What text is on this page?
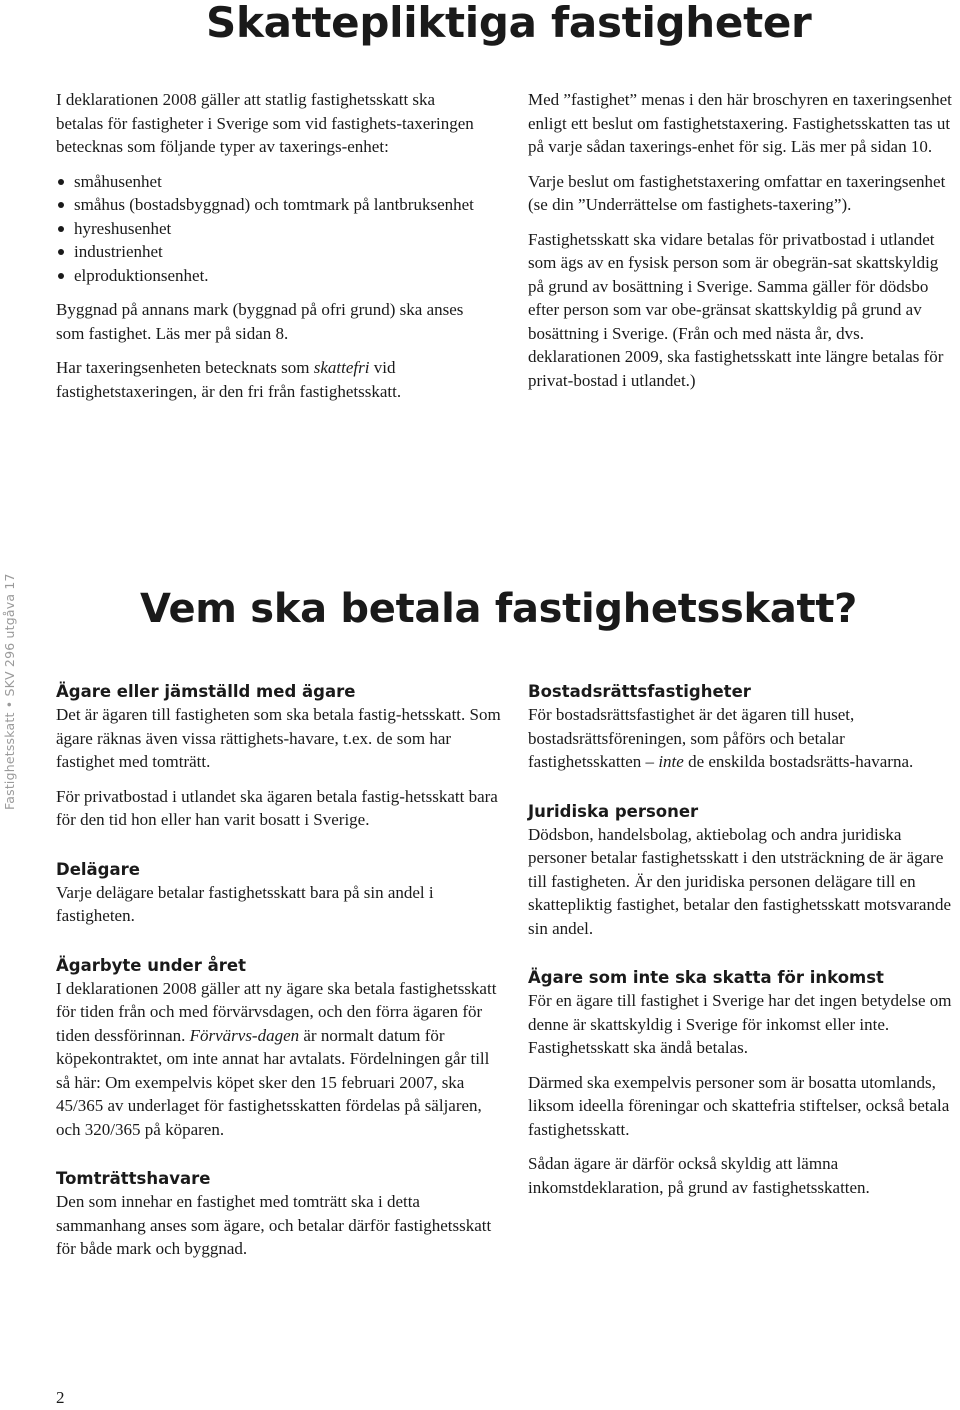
Skattepliktiga fastigheter

I deklarationen 2008 gäller att statlig fastighetsskatt ska betalas för fastigheter i Sverige som vid fastighets-taxeringen betecknas som följande typer av taxerings-enhet:

småhusenhet
småhus (bostadsbyggnad) och tomtmark på lantbruksenhet
hyreshusenhet
industrienhet
elproduktionsenhet.

Byggnad på annans mark (byggnad på ofri grund) ska anses som fastighet. Läs mer på sidan 8.

Har taxeringsenheten betecknats som skattefri vid fastighetstaxeringen, är den fri från fastighetsskatt.

Med ”fastighet” menas i den här broschyren en taxeringsenhet enligt ett beslut om fastighetstaxering. Fastighetsskatten tas ut på varje sådan taxerings-enhet för sig. Läs mer på sidan 10.

Varje beslut om fastighetstaxering omfattar en taxeringsenhet (se din ”Underrättelse om fastighets-taxering”).

Fastighetsskatt ska vidare betalas för privatbostad i utlandet som ägs av en fysisk person som är obegrän-sat skattskyldig på grund av bosättning i Sverige. Samma gäller för dödsbo efter person som var obe-gränsat skattskyldig på grund av bosättning i Sverige. (Från och med nästa år, dvs. deklarationen 2009, ska fastighetsskatt inte längre betalas för privat-bostad i utlandet.)

Fastighetsskatt • SKV 296 utgåva 17	Vem ska betala fastighetsskatt?
Ägare eller jämställd med ägare

Det är ägaren till fastigheten som ska betala fastig-hetsskatt. Som ägare räknas även vissa rättighets-havare, t.ex. de som har fastighet med tomträtt.

För privatbostad i utlandet ska ägaren betala fastig-hetsskatt bara för den tid hon eller han varit bosatt i Sverige.

Delägare

Varje delägare betalar fastighetsskatt bara på sin andel i fastigheten.

Ägarbyte under året

I deklarationen 2008 gäller att ny ägare ska betala fastighetsskatt för tiden från och med förvärvsdagen, och den förra ägaren för tiden dessförinnan. Förvärvs-dagen är normalt datum för köpekontraktet, om inte annat har avtalats. Fördelningen går till så här: Om exempelvis köpet sker den 15 februari 2007, ska 45/365 av underlaget för fastighetsskatten fördelas på säljaren, och 320/365 på köparen.

Tomträttshavare

Den som innehar en fastighet med tomträtt ska i detta sammanhang anses som ägare, och betalar därför fastighetsskatt för både mark och byggnad.

Bostadsrättsfastigheter

För bostadsrättsfastighet är det ägaren till huset, bostadsrättsföreningen, som påförs och betalar fastighetsskatten – inte de enskilda bostadsrätts-havarna.

Juridiska personer

Dödsbon, handelsbolag, aktiebolag och andra juridiska personer betalar fastighetsskatt i den utsträckning de är ägare till fastigheten. Är den juridiska personen delägare till en skattepliktig fastighet, betalar den fastighetsskatt motsvarande sin andel.

Ägare som inte ska skatta för inkomst

För en ägare till fastighet i Sverige har det ingen betydelse om denne är skattskyldig i Sverige för inkomst eller inte. Fastighetsskatt ska ändå betalas.

Därmed ska exempelvis personer som är bosatta utomlands, liksom ideella föreningar och skattefria stiftelser, också betala fastighetsskatt.

Sådan ägare är därför också skyldig att lämna inkomstdeklaration, på grund av fastighetsskatten.

2
